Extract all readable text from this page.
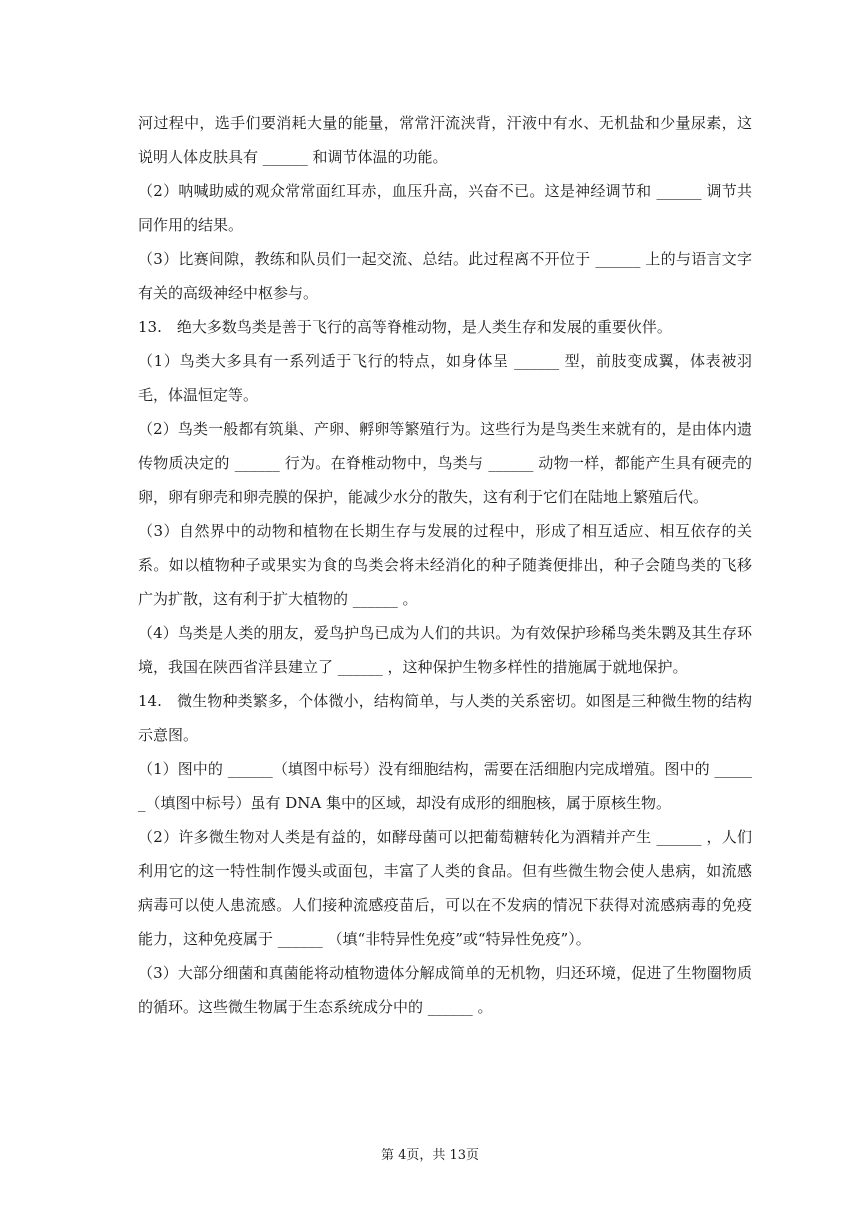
河过程中，选手们要消耗大量的能量，常常汗流浃背，汗液中有水、无机盐和少量尿素，这说明人体皮肤具有 ______ 和调节体温的功能。

（2）呐喊助威的观众常常面红耳赤，血压升高，兴奋不已。这是神经调节和 ______ 调节共同作用的结果。

（3）比赛间隙，教练和队员们一起交流、总结。此过程离不开位于 ______ 上的与语言文字有关的高级神经中枢参与。

13.　绝大多数鸟类是善于飞行的高等脊椎动物，是人类生存和发展的重要伙伴。

（1）鸟类大多具有一系列适于飞行的特点，如身体呈 ______ 型，前肢变成翼，体表被羽毛，体温恒定等。

（2）鸟类一般都有筑巢、产卵、孵卵等繁殖行为。这些行为是鸟类生来就有的，是由体内遗传物质决定的 ______ 行为。在脊椎动物中，鸟类与 ______ 动物一样，都能产生具有硬壳的卵，卵有卵壳和卵壳膜的保护，能减少水分的散失，这有利于它们在陆地上繁殖后代。

（3）自然界中的动物和植物在长期生存与发展的过程中，形成了相互适应、相互依存的关系。如以植物种子或果实为食的鸟类会将未经消化的种子随粪便排出，种子会随鸟类的飞移广为扩散，这有利于扩大植物的 ______ 。

（4）鸟类是人类的朋友，爱鸟护鸟已成为人们的共识。为有效保护珍稀鸟类朱鹮及其生存环境，我国在陕西省洋县建立了 ______ ，这种保护生物多样性的措施属于就地保护。

14.　微生物种类繁多，个体微小，结构简单，与人类的关系密切。如图是三种微生物的结构示意图。

（1）图中的 ______（填图中标号）没有细胞结构，需要在活细胞内完成增殖。图中的 ______（填图中标号）虽有 DNA 集中的区域，却没有成形的细胞核，属于原核生物。

（2）许多微生物对人类是有益的，如酵母菌可以把葡萄糖转化为酒精并产生 ______ ，人们利用它的这一特性制作馒头或面包，丰富了人类的食品。但有些微生物会使人患病，如流感病毒可以使人患流感。人们接种流感疫苗后，可以在不发病的情况下获得对流感病毒的免疫能力，这种免疫属于 ______ （填“非特异性免疫”或“特异性免疫”）。

（3）大部分细菌和真菌能将动植物遗体分解成简单的无机物，归还环境，促进了生物圈物质的循环。这些微生物属于生态系统成分中的 ______ 。

第 4页，共 13页
